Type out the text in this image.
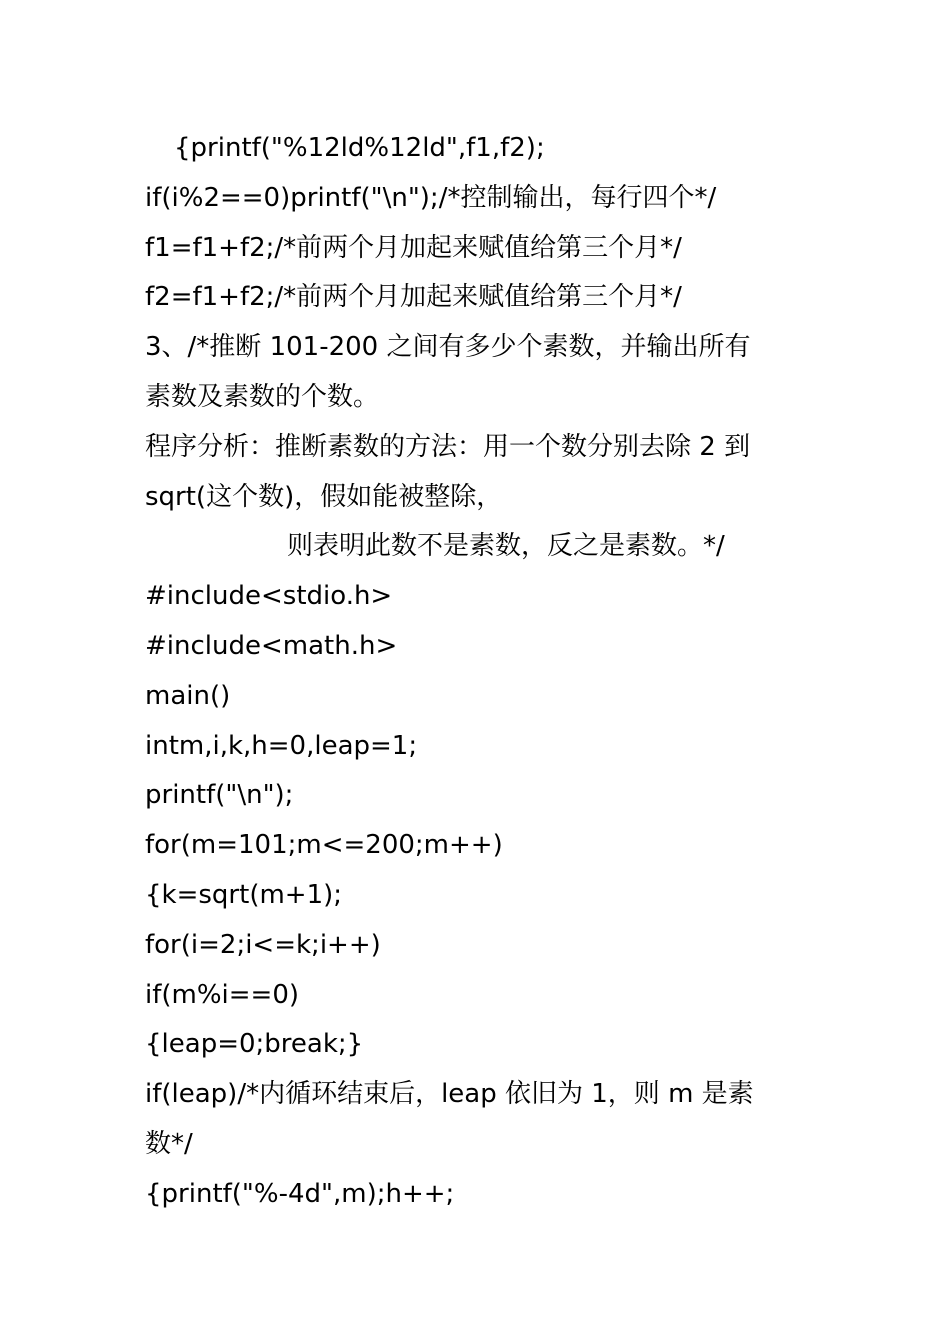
{printf("%12ld%12ld",f1,f2);
if(i%2==0)printf("\n");/*控制输出，每行四个*/
f1=f1+f2;/*前两个月加起来赋值给第三个月*/
f2=f1+f2;/*前两个月加起来赋值给第三个月*/
3、/*推断 101-200 之间有多少个素数，并输出所有
素数及素数的个数。
程序分析：推断素数的方法：用一个数分别去除 2 到
sqrt(这个数)，假如能被整除，
则表明此数不是素数，反之是素数。*/
#include<stdio.h>
#include<math.h>
main()
intm,i,k,h=0,leap=1;
printf("\n");
for(m=101;m<=200;m++)
{k=sqrt(m+1);
for(i=2;i<=k;i++)
if(m%i==0)
{leap=0;break;}
if(leap)/*内循环结束后，leap 依旧为 1，则 m 是素
数*/
{printf("%-4d",m);h++;
